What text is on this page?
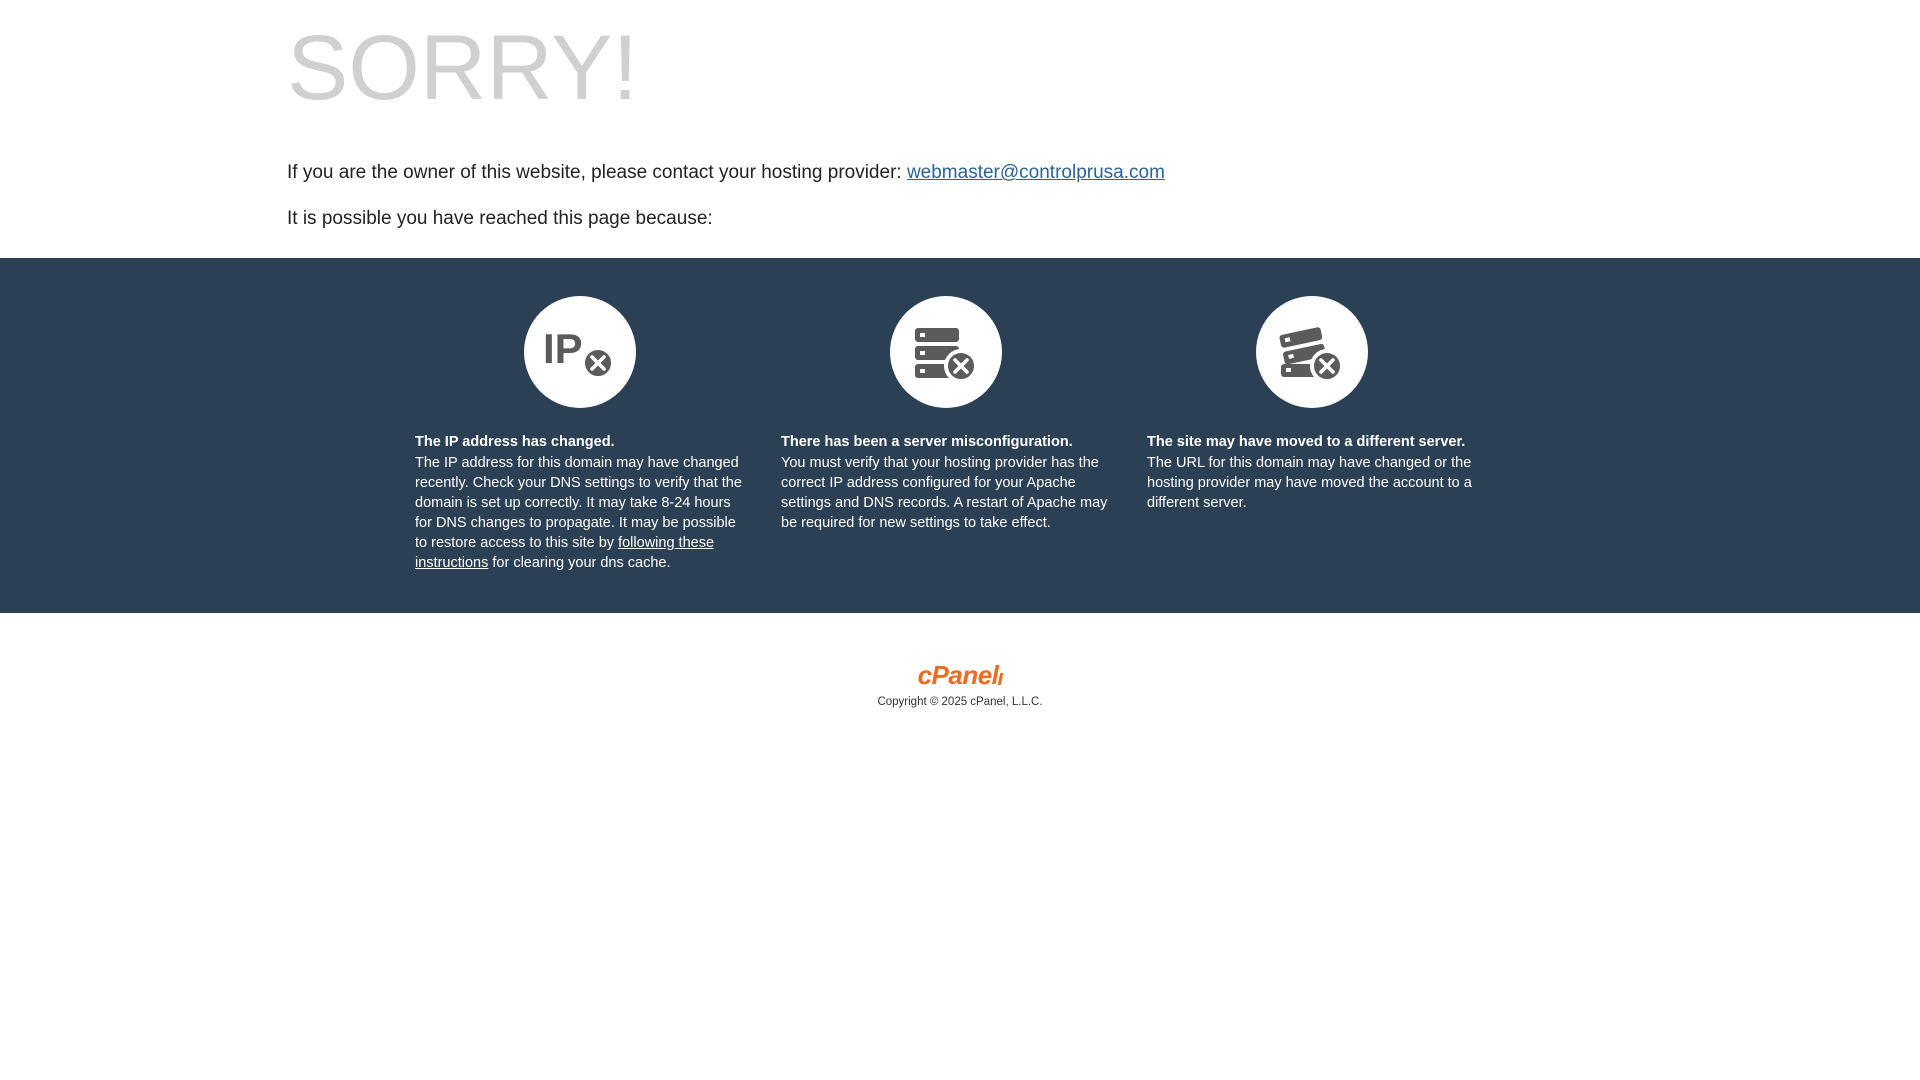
SORRY!

If you are the owner of this website, please contact your hosting provider: webmaster@controlprusa.com

It is possible you have reached this page because:

IP

The IP address has changed.

The IP address for this domain may have changed recently. Check your DNS settings to verify that the domain is set up correctly. It may take 8-24 hours for DNS changes to propagate. It may be possible to restore access to this site by following these instructions for clearing your dns cache.

There has been a server misconfiguration.

You must verify that your hosting provider has the correct IP address configured for your Apache settings and DNS records. A restart of Apache may be required for new settings to take effect.

The site may have moved to a different server.

The URL for this domain may have changed or the hosting provider may have moved the account to a different server.

cPanel
Copyright © 2025 cPanel, L.L.C.
